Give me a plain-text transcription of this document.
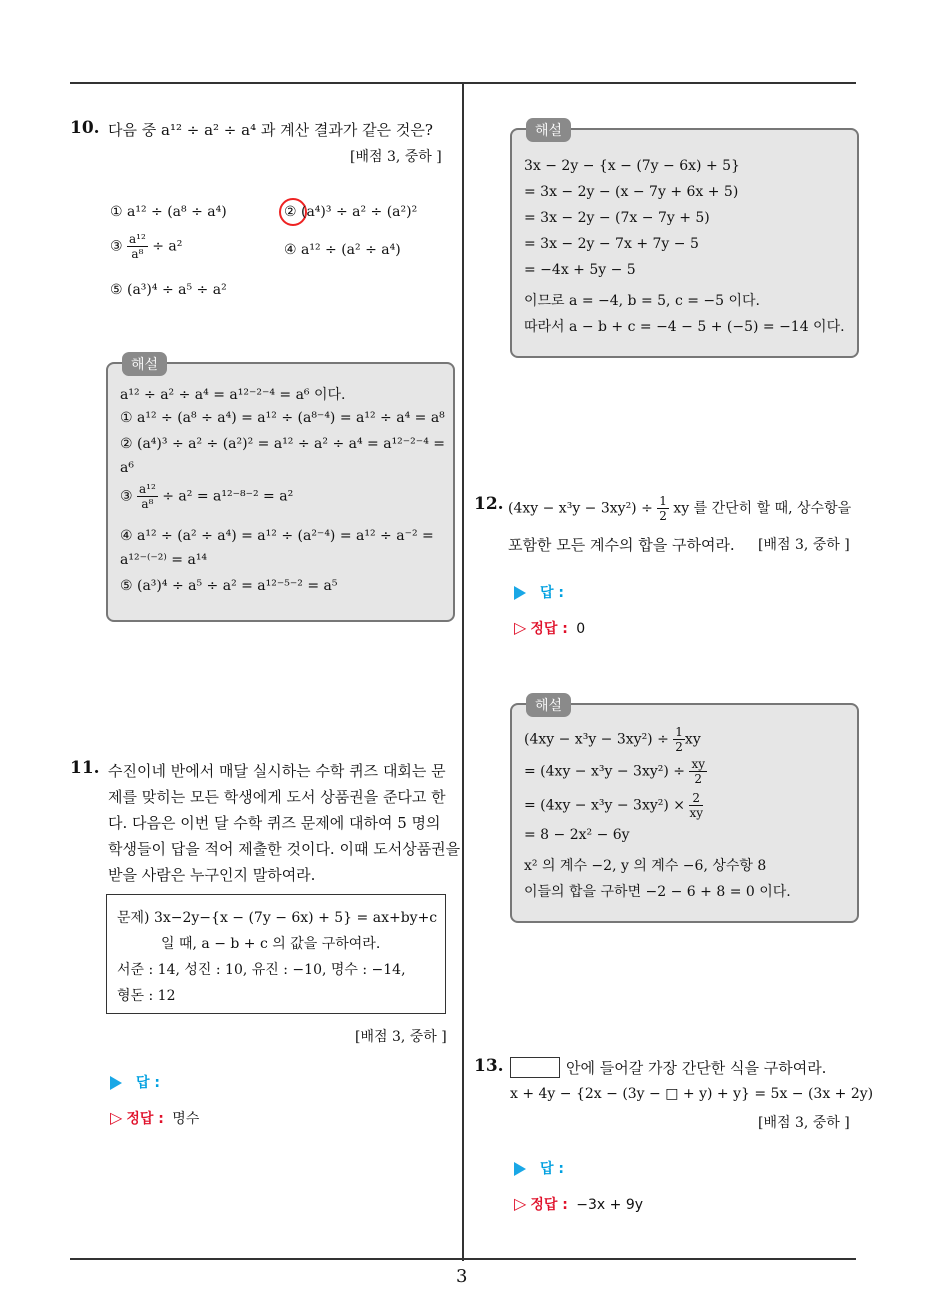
3
10. 다음 중 a¹² ÷ a² ÷ a⁴ 과 계산 결과가 같은 것은?
[배점 3, 중하 ]
① a¹² ÷ (a⁸ ÷ a⁴)	② (a⁴)³ ÷ a² ÷ (a²)²
③ $\frac{\text{a¹²}}{\text{a⁸}} \div a^2$	④ a¹² ÷ (a² ÷ a⁴)
⑤ (a³)⁴ ÷ a⁵ ÷ a²
해설
a¹² ÷ a² ÷ a⁴ = a¹²⁻²⁻⁴ = a⁶ 이다.
① a¹² ÷ (a⁸ ÷ a⁴) = a¹² ÷ (a⁸⁻⁴) = a¹² ÷ a⁴ = a⁸
② (a⁴)³ ÷ a² ÷ (a²)² = a¹² ÷ a² ÷ a⁴ = a¹²⁻²⁻⁴ =
a⁶
③ $\frac{\text{a¹²}}{\text{a⁸}} \div a^2 = a^{12-8-2} = a^2$
④ a¹² ÷ (a² ÷ a⁴) = a¹² ÷ (a²⁻⁴) = a¹² ÷ a⁻² =
a¹²⁻⁽⁻²⁾ = a¹⁴
⑤ (a³)⁴ ÷ a⁵ ÷ a² = a¹²⁻⁵⁻² = a⁵
11. 수진이네 반에서 매달 실시하는 수학 퀴즈 대회는 문
제를 맞히는 모든 학생에게 도서 상품권을 준다고 한
다. 다음은 이번 달 수학 퀴즈 문제에 대하여 5 명의
학생들이 답을 적어 제출한 것이다. 이때 도서상품권을
받을 사람은 누구인지 말하여라.
문제) 3x−2y−{x − (7y − 6x) + 5} = ax+by+c
일 때, a − b + c 의 값을 구하여라.
서준 : 14, 성진 : 10, 유진 : −10, 명수 : −14,
형돈 : 12
[배점 3, 중하 ]
답 :
▷ 정답 : 명수
해설
3x − 2y − {x − (7y − 6x) + 5}
= 3x − 2y − (x − 7y + 6x + 5)
= 3x − 2y − (7x − 7y + 5)
= 3x − 2y − 7x + 7y − 5
= −4x + 5y − 5
이므로 a = −4, b = 5, c = −5 이다.
따라서 a − b + c = −4 − 5 + (−5) = −14 이다.
12. $(4xy - x^3y - 3xy^2) \div \frac{1}{2}$ xy 를 간단히 할 때, 상수항을
포함한 모든 계수의 합을 구하여라. [배점 3, 중하 ]
답 :
▷ 정답 : 0
해설
$(4xy - x^3y - 3xy^2) \div \frac{1}{2}$ xy
= $(4xy - x^3y - 3xy^2) \div \frac{xy}{2}$
= $(4xy - x^3y - 3xy^2) \times \frac{2}{xy}$
= 8 − 2x² − 6y
x² 의 계수 −2, y 의 계수 −6, 상수항 8
이들의 합을 구하면 −2 − 6 + 8 = 0 이다.
13.	안에 들어갈 가장 간단한 식을 구하여라.
x + 4y − {2x − (3y − □ + y) + y} = 5x − (3x + 2y)
[배점 3, 중하 ]
답 :
▷ 정답 : −3x + 9y
